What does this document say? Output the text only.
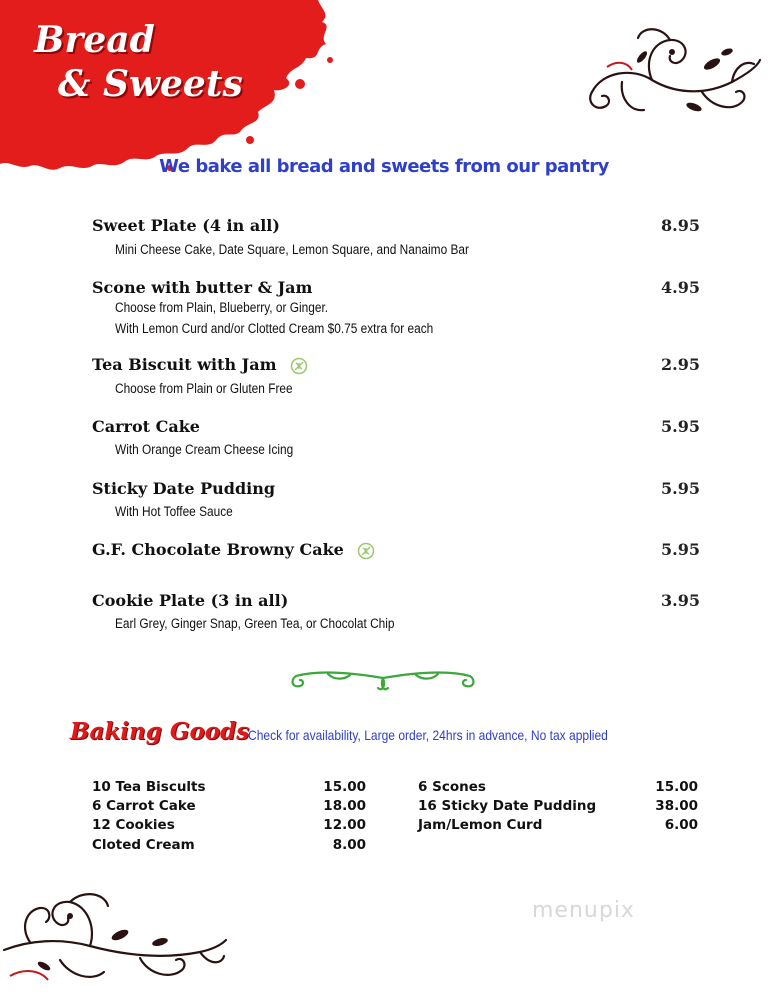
Bread
& Sweets
We bake all bread and sweets from our pantry
Sweet Plate (4 in all)	8.95
Mini Cheese Cake, Date Square, Lemon Square, and Nanaimo Bar
Scone with butter & Jam	4.95
Choose from Plain, Blueberry, or Ginger.
With Lemon Curd and/or Clotted Cream $0.75 extra for each
Tea Biscuit with Jam	2.95
Choose from Plain or Gluten Free
Carrot Cake	5.95
With Orange Cream Cheese Icing
Sticky Date Pudding	5.95
With Hot Toffee Sauce
G.F. Chocolate Browny Cake	5.95
Cookie Plate (3 in all)	3.95
Earl Grey, Ginger Snap, Green Tea, or Chocolat Chip
Baking Goods
Check for availability, Large order, 24hrs in advance, No tax applied
10 Tea Biscults	15.00
6 Carrot Cake	18.00
12 Cookies	12.00
Cloted Cream	8.00
6 Scones	15.00
16 Sticky Date Pudding	38.00
Jam/Lemon Curd	6.00
menupix
